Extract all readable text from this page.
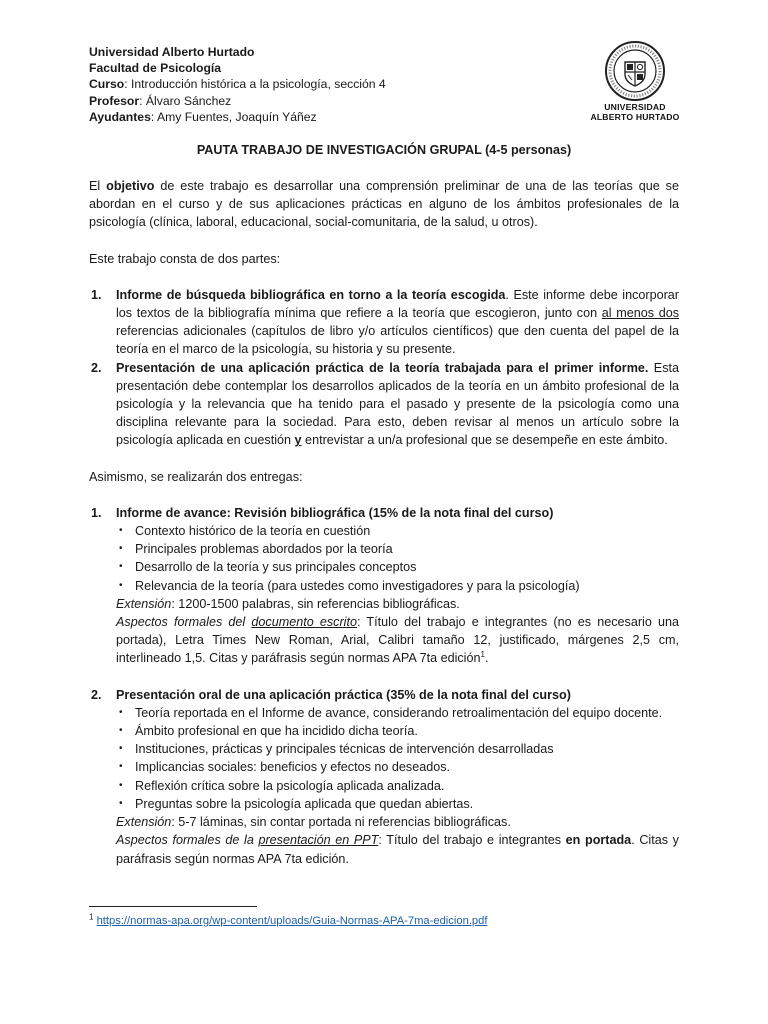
Universidad Alberto Hurtado
Facultad de Psicología
Curso: Introducción histórica a la psicología, sección 4
Profesor: Álvaro Sánchez
Ayudantes: Amy Fuentes, Joaquín Yáñez
UNIVERSIDAD
ALBERTO HURTADO
PAUTA TRABAJO DE INVESTIGACIÓN GRUPAL (4-5 personas)

El objetivo de este trabajo es desarrollar una comprensión preliminar de una de las teorías que se abordan en el curso y de sus aplicaciones prácticas en alguno de los ámbitos profesionales de la psicología (clínica, laboral, educacional, social-comunitaria, de la salud, u otros).

Este trabajo consta de dos partes:

1. Informe de búsqueda bibliográfica en torno a la teoría escogida. Este informe debe incorporar los textos de la bibliografía mínima que refiere a la teoría que escogieron, junto con al menos dos referencias adicionales (capítulos de libro y/o artículos científicos) que den cuenta del papel de la teoría en el marco de la psicología, su historia y su presente.
2. Presentación de una aplicación práctica de la teoría trabajada para el primer informe. Esta presentación debe contemplar los desarrollos aplicados de la teoría en un ámbito profesional de la psicología y la relevancia que ha tenido para el pasado y presente de la psicología como una disciplina relevante para la sociedad. Para esto, deben revisar al menos un artículo sobre la psicología aplicada en cuestión y entrevistar a un/a profesional que se desempeñe en este ámbito.

Asimismo, se realizarán dos entregas:

1. Informe de avance: Revisión bibliográfica (15% de la nota final del curso)
• Contexto histórico de la teoría en cuestión
• Principales problemas abordados por la teoría
• Desarrollo de la teoría y sus principales conceptos
• Relevancia de la teoría (para ustedes como investigadores y para la psicología)
Extensión: 1200-1500 palabras, sin referencias bibliográficas.
Aspectos formales del documento escrito: Título del trabajo e integrantes (no es necesario una portada), Letra Times New Roman, Arial, Calibri tamaño 12, justificado, márgenes 2,5 cm, interlineado 1,5. Citas y paráfrasis según normas APA 7ta edición$^1$.
2. Presentación oral de una aplicación práctica (35% de la nota final del curso)
• Teoría reportada en el Informe de avance, considerando retroalimentación del equipo docente.
• Ámbito profesional en que ha incidido dicha teoría.
• Instituciones, prácticas y principales técnicas de intervención desarrolladas
• Implicancias sociales: beneficios y efectos no deseados.
• Reflexión crítica sobre la psicología aplicada analizada.
• Preguntas sobre la psicología aplicada que quedan abiertas.
Extensión: 5-7 láminas, sin contar portada ni referencias bibliográficas.
Aspectos formales de la presentación en PPT: Título del trabajo e integrantes en portada. Citas y paráfrasis según normas APA 7ta edición.
$^1$ https://normas-apa.org/wp-content/uploads/Guia-Normas-APA-7ma-edicion.pdf
